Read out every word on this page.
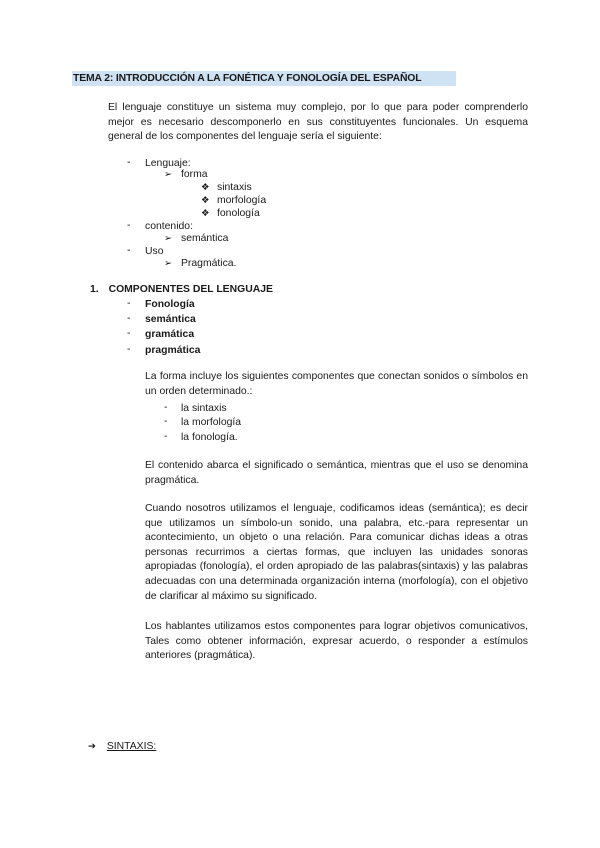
TEMA 2: INTRODUCCIÓN A LA FONÉTICA Y FONOLOGÍA DEL ESPAÑOL

El lenguaje constituye un sistema muy complejo, por lo que para poder comprenderlo mejor es necesario descomponerlo en sus constituyentes funcionales. Un esquema general de los componentes del lenguaje sería el siguiente:

- Lenguaje:
➢ forma
❖ sintaxis
❖ morfología
❖ fonología
- contenido:
➢ semántica
- Uso
➢ Pragmática.
1. COMPONENTES DEL LENGUAJE
- Fonología
- semántica
- gramática
- pragmática

La forma incluye los siguientes componentes que conectan sonidos o símbolos en un orden determinado.:

- la sintaxis
- la morfología
- la fonología.

El contenido abarca el significado o semántica, mientras que el uso se denomina pragmática.

Cuando nosotros utilizamos el lenguaje, codificamos ideas (semántica); es decir que utilizamos un símbolo-un sonido, una palabra, etc.-para representar un acontecimiento, un objeto o una relación. Para comunicar dichas ideas a otras personas recurrimos a ciertas formas, que incluyen las unidades sonoras apropiadas (fonología), el orden apropiado de las palabras(sintaxis) y las palabras adecuadas con una determinada organización interna (morfología), con el objetivo de clarificar al máximo su significado.

Los hablantes utilizamos estos componentes para lograr objetivos comunicativos, Tales como obtener información, expresar acuerdo, o responder a estímulos anteriores (pragmática).

➔ SINTAXIS:
